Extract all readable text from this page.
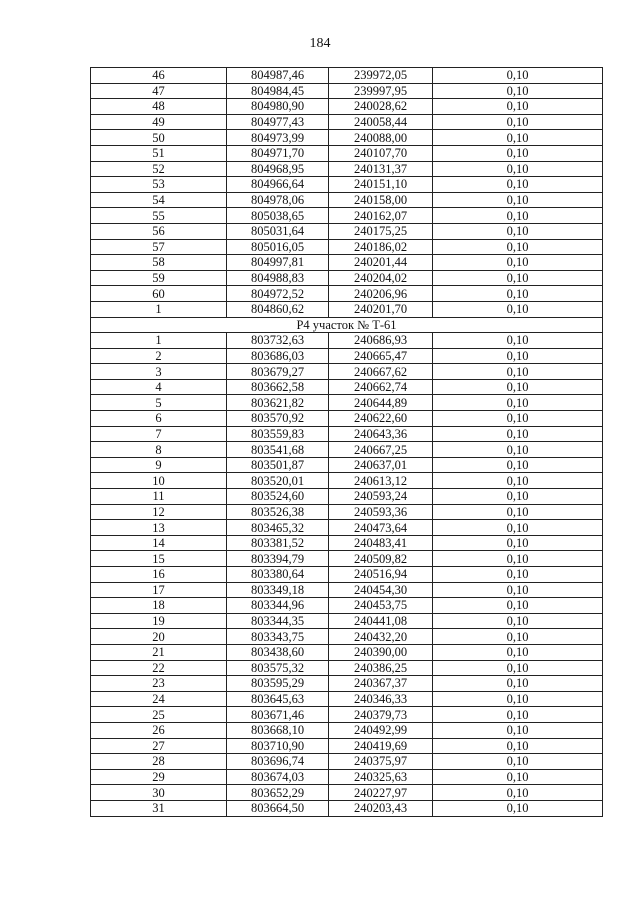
184
46	804987,46	239972,05	0,10
47	804984,45	239997,95	0,10
48	804980,90	240028,62	0,10
49	804977,43	240058,44	0,10
50	804973,99	240088,00	0,10
51	804971,70	240107,70	0,10
52	804968,95	240131,37	0,10
53	804966,64	240151,10	0,10
54	804978,06	240158,00	0,10
55	805038,65	240162,07	0,10
56	805031,64	240175,25	0,10
57	805016,05	240186,02	0,10
58	804997,81	240201,44	0,10
59	804988,83	240204,02	0,10
60	804972,52	240206,96	0,10
1	804860,62	240201,70	0,10
Р4 участок № Т-61			
1	803732,63	240686,93	0,10
2	803686,03	240665,47	0,10
3	803679,27	240667,62	0,10
4	803662,58	240662,74	0,10
5	803621,82	240644,89	0,10
6	803570,92	240622,60	0,10
7	803559,83	240643,36	0,10
8	803541,68	240667,25	0,10
9	803501,87	240637,01	0,10
10	803520,01	240613,12	0,10
11	803524,60	240593,24	0,10
12	803526,38	240593,36	0,10
13	803465,32	240473,64	0,10
14	803381,52	240483,41	0,10
15	803394,79	240509,82	0,10
16	803380,64	240516,94	0,10
17	803349,18	240454,30	0,10
18	803344,96	240453,75	0,10
19	803344,35	240441,08	0,10
20	803343,75	240432,20	0,10
21	803438,60	240390,00	0,10
22	803575,32	240386,25	0,10
23	803595,29	240367,37	0,10
24	803645,63	240346,33	0,10
25	803671,46	240379,73	0,10
26	803668,10	240492,99	0,10
27	803710,90	240419,69	0,10
28	803696,74	240375,97	0,10
29	803674,03	240325,63	0,10
30	803652,29	240227,97	0,10
31	803664,50	240203,43	0,10
